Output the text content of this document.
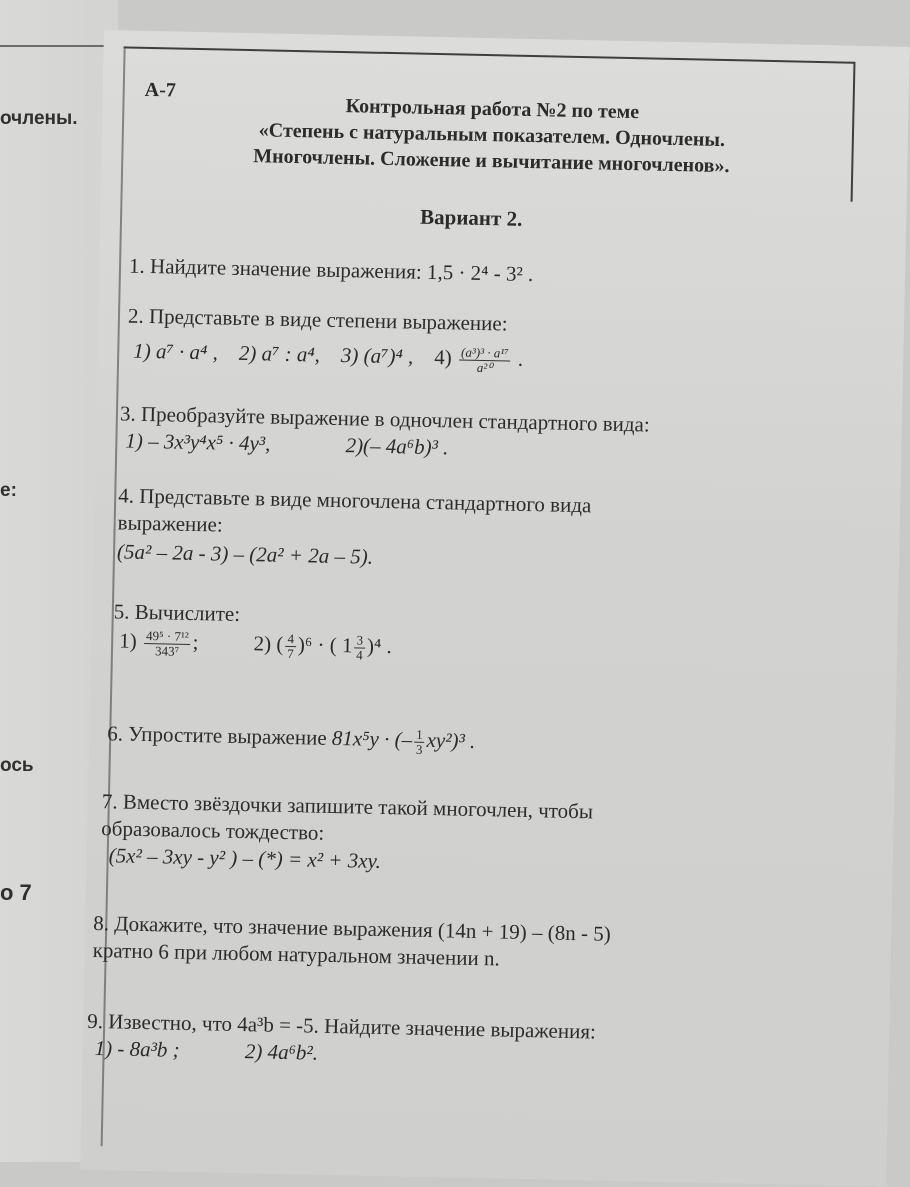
очлены.
е:
ось
о 7
А-7
Контрольная работа №2 по теме
«Степень с натуральным показателем. Одночлены.
Многочлены. Сложение и вычитание многочленов».
Вариант 2.
1. Найдите значение выражения: 1,5 · 2⁴ - 3² .
2. Представьте в виде степени выражение:
1) a⁷ · a⁴ , 2) a⁷ : a⁴, 3) (a⁷)⁴ , $4) \frac{\text{(a³)³ · a¹⁷}}{\text{a²⁰}}$ .
3. Преобразуйте выражение в одночлен стандартного вида:
1) – 3x³y⁴x⁵ · 4y³,	2)(– 4a⁶b)³ .
4. Представьте в виде многочлена стандартного вида
выражение:
(5a² – 2a - 3) – (2a² + 2a – 5).
5. Вычислите:
$1) \frac{\text{49⁵ · 7¹²}}{\text{343⁷}}$ ;	2) ( $\frac{4}{7} )^6$ · ( $1 \frac{3}{4} )^4$ .
6. Упростите выражение 81x⁵y · (– $\frac{1}{3} xy^2)^3$ .
7. Вместо звёздочки запишите такой многочлен, чтобы
образовалось тождество:
(5x² – 3xy - y² ) – (*) = x² + 3xy.
8. Докажите, что значение выражения (14n + 19) – (8n - 5)
кратно 6 при любом натуральном значении n.
9. Известно, что 4a³b = -5. Найдите значение выражения:
1) - 8a³b ;	2) 4a⁶b².
